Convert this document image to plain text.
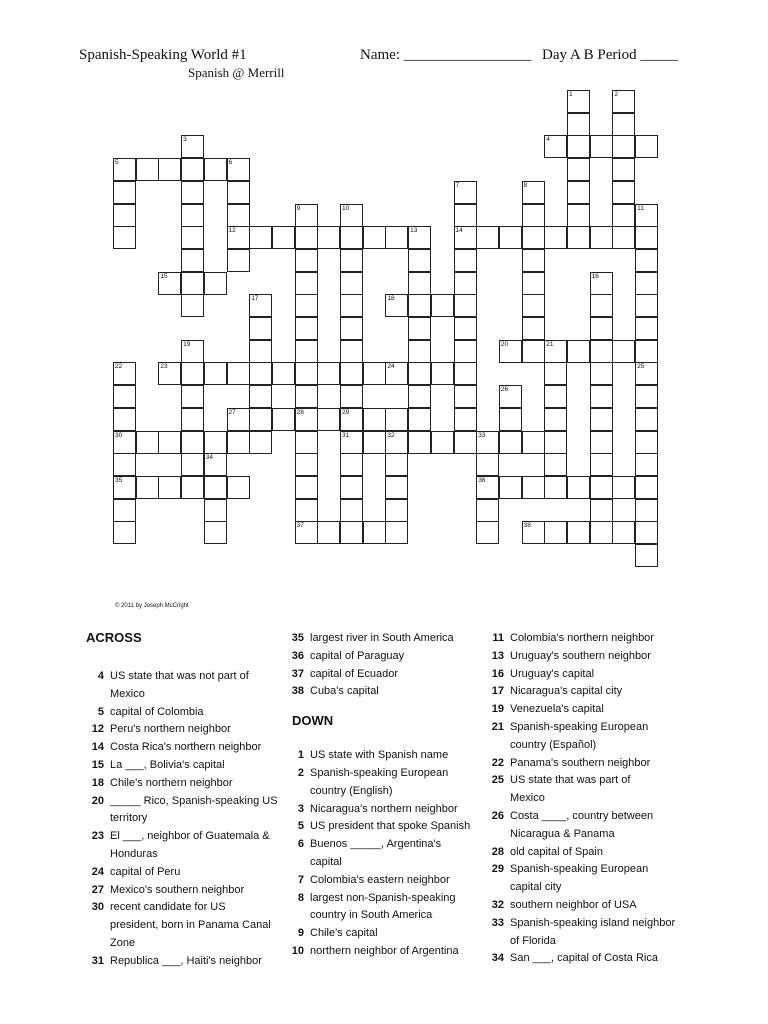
Spanish-Speaking World #1	Name: _________________ Day A B Period _____
Spanish @ Merrill
4
5	6
12	13	14
15
18
20	21
23	24
27	28	29
30	31	32	33
35	36
37	38
1	2
3
7	8
9	10	11
25
16
17
19
22
26
34
© 2011 by Joseph McCright
ACROSS
4 US state that was not part of
Mexico
5 capital of Colombia
12 Peru's northern neighbor
14 Costa Rica's northern neighbor
15 La ___, Bolivia's capital
18 Chile's northern neighbor
20 _____ Rico, Spanish-speaking US
territory
23 El ___, neighbor of Guatemala &
Honduras
24 capital of Peru
27 Mexico's southern neighbor
30 recent candidate for US
president, born in Panama Canal
Zone
31 Republica ___, Haiti's neighbor
35 largest river in South America
36 capital of Paraguay
37 capital of Ecuador
38 Cuba's capital
DOWN
1 US state with Spanish name
2 Spanish-speaking European
country (English)
3 Nicaragua's northern neighbor
5 US president that spoke Spanish
6 Buenos _____, Argentina's
capital
7 Colombia's eastern neighbor
8 largest non-Spanish-speaking
country in South America
9 Chile's capital
10 northern neighbor of Argentina
11 Colombia's northern neighbor
13 Uruguay's southern neighbor
16 Uruguay's capital
17 Nicaragua's capital city
19 Venezuela's capital
21 Spanish-speaking European
country (Español)
22 Panama's southern neighbor
25 US state that was part of
Mexico
26 Costa ____, country between
Nicaragua & Panama
28 old capital of Spain
29 Spanish-speaking European
capital city
32 southern neighbor of USA
33 Spanish-speaking island neighbor
of Florida
34 San ___, capital of Costa Rica
